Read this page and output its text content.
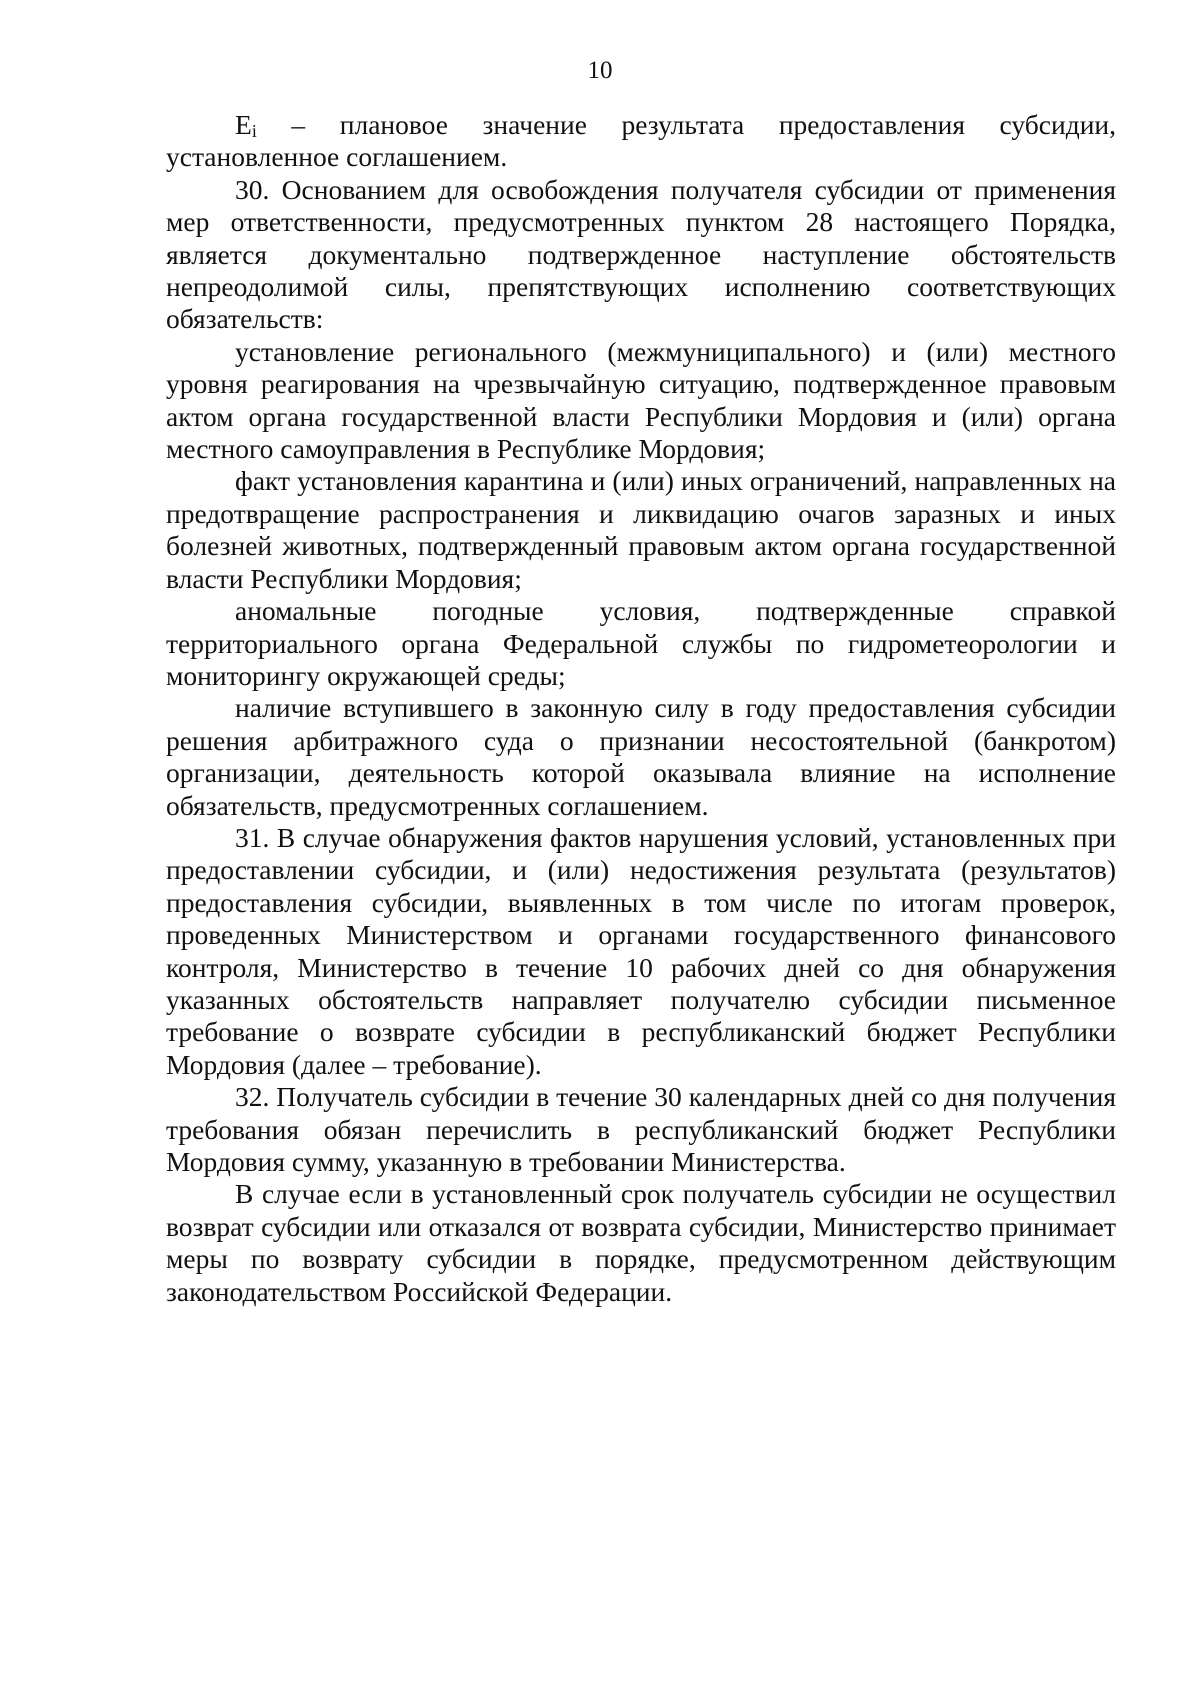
10

$E_i$ – плановое значение результата предоставления субсидии, установленное соглашением.

30. Основанием для освобождения получателя субсидии от применения мер ответственности, предусмотренных пунктом 28 настоящего Порядка, является документально подтвержденное наступление обстоятельств непреодолимой силы, препятствующих исполнению соответствующих обязательств:

установление регионального (межмуниципального) и (или) местного уровня реагирования на чрезвычайную ситуацию, подтвержденное правовым актом органа государственной власти Республики Мордовия и (или) органа местного самоуправления в Республике Мордовия;

факт установления карантина и (или) иных ограничений, направленных на предотвращение распространения и ликвидацию очагов заразных и иных болезней животных, подтвержденный правовым актом органа государственной власти Республики Мордовия;

аномальные погодные условия, подтвержденные справкой территориального органа Федеральной службы по гидрометеорологии и мониторингу окружающей среды;

наличие вступившего в законную силу в году предоставления субсидии решения арбитражного суда о признании несостоятельной (банкротом) организации, деятельность которой оказывала влияние на исполнение обязательств, предусмотренных соглашением.

31. В случае обнаружения фактов нарушения условий, установленных при предоставлении субсидии, и (или) недостижения результата (результатов) предоставления субсидии, выявленных в том числе по итогам проверок, проведенных Министерством и органами государственного финансового контроля, Министерство в течение 10 рабочих дней со дня обнаружения указанных обстоятельств направляет получателю субсидии письменное требование о возврате субсидии в республиканский бюджет Республики Мордовия (далее – требование).

32. Получатель субсидии в течение 30 календарных дней со дня получения требования обязан перечислить в республиканский бюджет Республики Мордовия сумму, указанную в требовании Министерства.

В случае если в установленный срок получатель субсидии не осуществил возврат субсидии или отказался от возврата субсидии, Министерство принимает меры по возврату субсидии в порядке, предусмотренном действующим законодательством Российской Федерации.
